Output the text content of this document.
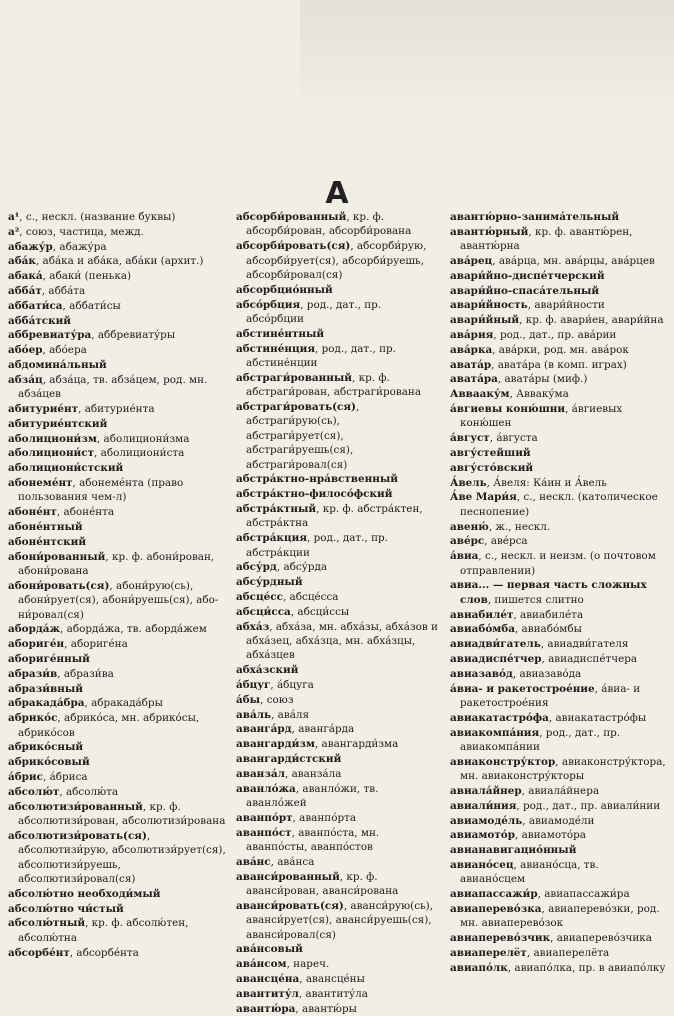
А
а¹, с., нескл. (название буквы)
а², союз, частица, межд.
абажу́р, абажу́ра
аба́к, аба́ка и аба́ка, аба́ки (архит.)
абака́, абаки́ (пенька)
абба́т, абба́та
аббати́са, аббати́сы
абба́тский
аббревиату́ра, аббревиату́ры
або́ер, або́ера
абдомина́льный
абза́ц, абза́ца, тв. абза́цем, род. мн. абза́цев
абитурие́нт, абитурие́нта
абитурие́нтский
аболициони́зм, аболициони́зма
аболициони́ст, аболициони́ста
аболициони́стский
абонеме́нт, абонеме́нта (право пользования чем-л)
абоне́нт, абоне́нта
абоне́нтный
абоне́нтский
абони́рованный, кр. ф. абони́рован, абони́рована
абони́ровать(ся), абони́рую(сь), абони́рует(ся), абони́руешь(ся), або-ни́ровал(ся)
аборда́ж, аборда́жа, тв. аборда́жем
абориге́н, абориге́на
абориге́нный
абрази́в, абрази́ва
абрази́вный
абракада́бра, абракада́бры
абрико́с, абрико́са, мн. абрико́сы, абрико́сов
абрико́сный
абрико́совый
а́брис, а́бриса
абсолю́т, абсолю́та
абсолютизи́рованный, кр. ф. абсолютизи́рован, абсолютизи́рована
абсолютизи́ровать(ся), абсолютизи́рую, абсолютизи́рует(ся), абсолютизи́руешь, абсолютизи́ровал(ся)
абсолю́тно необходи́мый
абсолю́тно чи́стый
абсолю́тный, кр. ф. абсолю́тен, абсолю́тна
абсорбе́нт, абсорбе́нта
абсорби́рованный, кр. ф. абсорби́рован, абсорби́рована
абсорби́ровать(ся), абсорби́рую, абсорби́рует(ся), абсорби́руешь, абсорби́ровал(ся)
абсорбцио́нный
абсо́рбция, род., дат., пр. абсо́рбции
абстине́нтный
абстине́нция, род., дат., пр. абстине́нции
абстраги́рованный, кр. ф. абстраги́рован, абстраги́рована
абстраги́ровать(ся), абстраги́рую(сь), абстраги́рует(ся), абстраги́руешь(ся), абстраги́ровал(ся)
абстра́ктно-нра́вственный
абстра́ктно-филосо́фский
абстра́ктный, кр. ф. абстра́ктен, абстра́ктна
абстра́кция, род., дат., пр. абстра́кции
абсу́рд, абсу́рда
абсу́рдный
абсце́сс, абсце́сса
абсци́сса, абсци́ссы
абха́з, абха́за, мн. абха́зы, абха́зов и абха́зец, абха́зца, мн. абха́зцы, абха́зцев
абха́зский
а́бцуг, а́бцуга
а́бы, союз
ава́ль, ава́ля
аванга́рд, аванга́рда
авангарди́зм, авангарди́зма
авангарди́стский
аванза́л, аванза́ла
аванло́жа, аванло́жи, тв. аванло́жей
аванпо́рт, аванпо́рта
аванпо́ст, аванпо́ста, мн. аванпо́сты, аванпо́стов
ава́нс, ава́нса
аванси́рованный, кр. ф. аванси́рован, аванси́рована
аванси́ровать(ся), аванси́рую(сь), аванси́рует(ся), аванси́руешь(ся), аванси́ровал(ся)
ава́нсовый
ава́нсом, нареч.
авансце́на, авансце́ны
авантиту́л, авантиту́ла
авантю́ра, авантю́ры
авантю́рно-занима́тельный
авантю́рный, кр. ф. авантю́рен, авантю́рна
ава́рец, ава́рца, мн. ава́рцы, ава́рцев
авари́йно-диспе́тчерский
авари́йно-спаса́тельный
авари́йность, авари́йности
авари́йный, кр. ф. авари́ен, авари́йна
ава́рия, род., дат., пр. ава́рии
ава́рка, ава́рки, род. мн. ава́рок
авата́р, авата́ра (в комп. играх)
авата́ра, авата́ры (миф.)
Аввааку́м, Авваку́ма
а́вгиевы коню́шни, а́вгиевых коню́шен
а́вгуст, а́вгуста
авгу́стейший
авгу́сто́вский
А́вель, А́веля: Ка́ин и А́вель
А́ве Мари́я, с., нескл. (католическое песнопение)
авеню́, ж., нескл.
аве́рс, аве́рса
а́виа, с., нескл. и неизм. (о почтовом отправлении)
авиа... — первая часть сложных слов, пишется слитно
авиабиле́т, авиабиле́та
авиабо́мба, авиабо́мбы
авиадви́гатель, авиадви́гателя
авиадиспе́тчер, авиадиспе́тчера
авиазаво́д, авиазаво́да
а́виа- и ракетострое́ние, а́виа- и ракетострое́ния
авиакатастро́фа, авиакатастро́фы
авиакомпа́ния, род., дат., пр. авиакомпа́нии
авиаконстру́ктор, авиаконстру́ктора, мн. авиаконстру́кторы
авиала́йнер, авиала́йнера
авиали́ния, род., дат., пр. авиали́нии
авиамоде́ль, авиамоде́ли
авиамото́р, авиамото́ра
авианавигацио́нный
авиано́сец, авиано́сца, тв. авиано́сцем
авиапассажи́р, авиапассажи́ра
авиаперево́зка, авиаперево́зки, род. мн. авиаперево́зок
авиаперево́зчик, авиаперево́зчика
авиаперелёт, авиаперелёта
авиапо́лк, авиапо́лка, пр. в авиапо́лку
